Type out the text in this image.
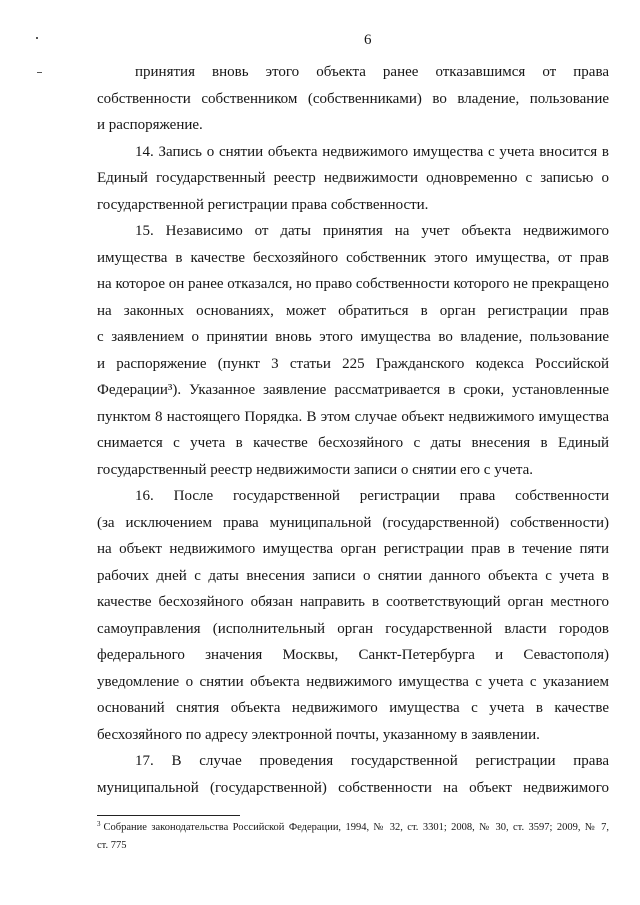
6
принятия вновь этого объекта ранее отказавшимся от права
собственности собственником (собственниками) во владение, пользование
и распоряжение.
14. Запись о снятии объекта недвижимого имущества с учета вносится в
Единый государственный реестр недвижимости одновременно с записью о
государственной регистрации права собственности.
15. Независимо от даты принятия на учет объекта недвижимого
имущества в качестве бесхозяйного собственник этого имущества, от прав
на которое он ранее отказался, но право собственности которого не прекращено
на законных основаниях, может обратиться в орган регистрации прав
с заявлением о принятии вновь этого имущества во владение, пользование
и распоряжение (пункт 3 статьи 225 Гражданского кодекса Российской
Федерации³). Указанное заявление рассматривается в сроки, установленные
пунктом 8 настоящего Порядка. В этом случае объект недвижимого имущества
снимается с учета в качестве бесхозяйного с даты внесения в Единый
государственный реестр недвижимости записи о снятии его с учета.
16. После государственной регистрации права собственности
(за исключением права муниципальной (государственной) собственности)
на объект недвижимого имущества орган регистрации прав в течение пяти
рабочих дней с даты внесения записи о снятии данного объекта с учета в
качестве бесхозяйного обязан направить в соответствующий орган местного
самоуправления (исполнительный орган государственной власти городов
федерального значения Москвы, Санкт-Петербурга и Севастополя)
уведомление о снятии объекта недвижимого имущества с учета с указанием
оснований снятия объекта недвижимого имущества с учета в качестве
бесхозяйного по адресу электронной почты, указанному в заявлении.
17. В случае проведения государственной регистрации права
муниципальной (государственной) собственности на объект недвижимого
$^3$ Собрание законодательства Российской Федерации, 1994, № 32, ст. 3301; 2008, № 30, ст. 3597; 2009, № 7,
ст. 775
